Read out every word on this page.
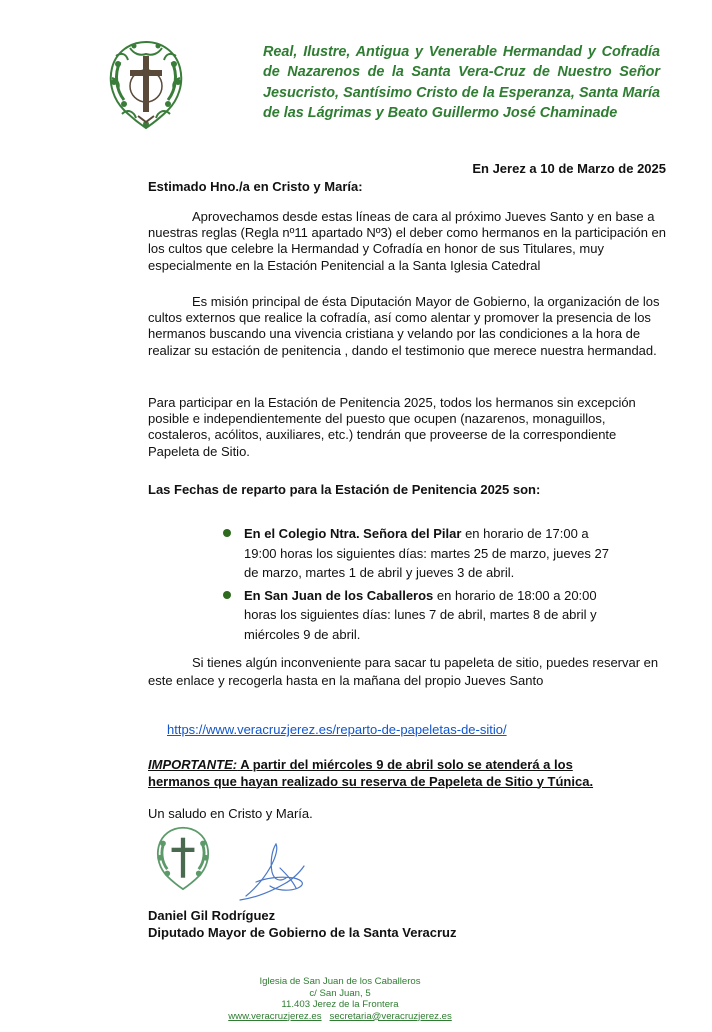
Real, Ilustre, Antigua y Venerable Hermandad y Cofradía de Nazarenos de la Santa Vera-Cruz de Nuestro Señor Jesucristo, Santísimo Cristo de la Esperanza, Santa María de las Lágrimas y Beato Guillermo José Chaminade
En Jerez a 10 de Marzo de 2025
Estimado Hno./a en Cristo y María:
Aprovechamos desde estas líneas de cara al próximo Jueves Santo y en base a nuestras reglas (Regla nº11 apartado Nº3) el deber como hermanos en la participación en los cultos que celebre la Hermandad y Cofradía en honor de sus Titulares, muy especialmente en la Estación Penitencial a la Santa Iglesia Catedral
Es misión principal de ésta Diputación Mayor de Gobierno, la organización de los cultos externos que realice la cofradía, así como alentar y promover la presencia de los hermanos buscando una vivencia cristiana y velando por las condiciones a la hora de realizar su estación de penitencia , dando el testimonio que merece nuestra hermandad.
Para participar en la Estación de Penitencia 2025, todos los hermanos sin excepción posible e independientemente del puesto que ocupen (nazarenos, monaguillos, costaleros, acólitos, auxiliares, etc.) tendrán que proveerse de la correspondiente Papeleta de Sitio.
Las Fechas de reparto para la Estación de Penitencia 2025 son:
En el Colegio Ntra. Señora del Pilar en horario de 17:00 a 19:00 horas los siguientes días: martes 25 de marzo, jueves 27 de marzo, martes 1 de abril y jueves 3 de abril.
En San Juan de los Caballeros en horario de 18:00 a 20:00 horas los siguientes días: lunes 7 de abril, martes 8 de abril y miércoles 9 de abril.
Si tienes algún inconveniente para sacar tu papeleta de sitio, puedes reservar en este enlace y recogerla hasta en la mañana del propio Jueves Santo
https://www.veracruzjerez.es/reparto-de-papeletas-de-sitio/
IMPORTANTE: A partir del miércoles 9 de abril solo se atenderá a los hermanos que hayan realizado su reserva de Papeleta de Sitio y Túnica.
Un saludo en Cristo y María.
Daniel Gil Rodríguez
Diputado Mayor de Gobierno de la Santa Veracruz
Iglesia de San Juan de los Caballeros
c/ San Juan, 5
11.403 Jerez de la Frontera
www.veracruzjerez.es secretaria@veracruzjerez.es
